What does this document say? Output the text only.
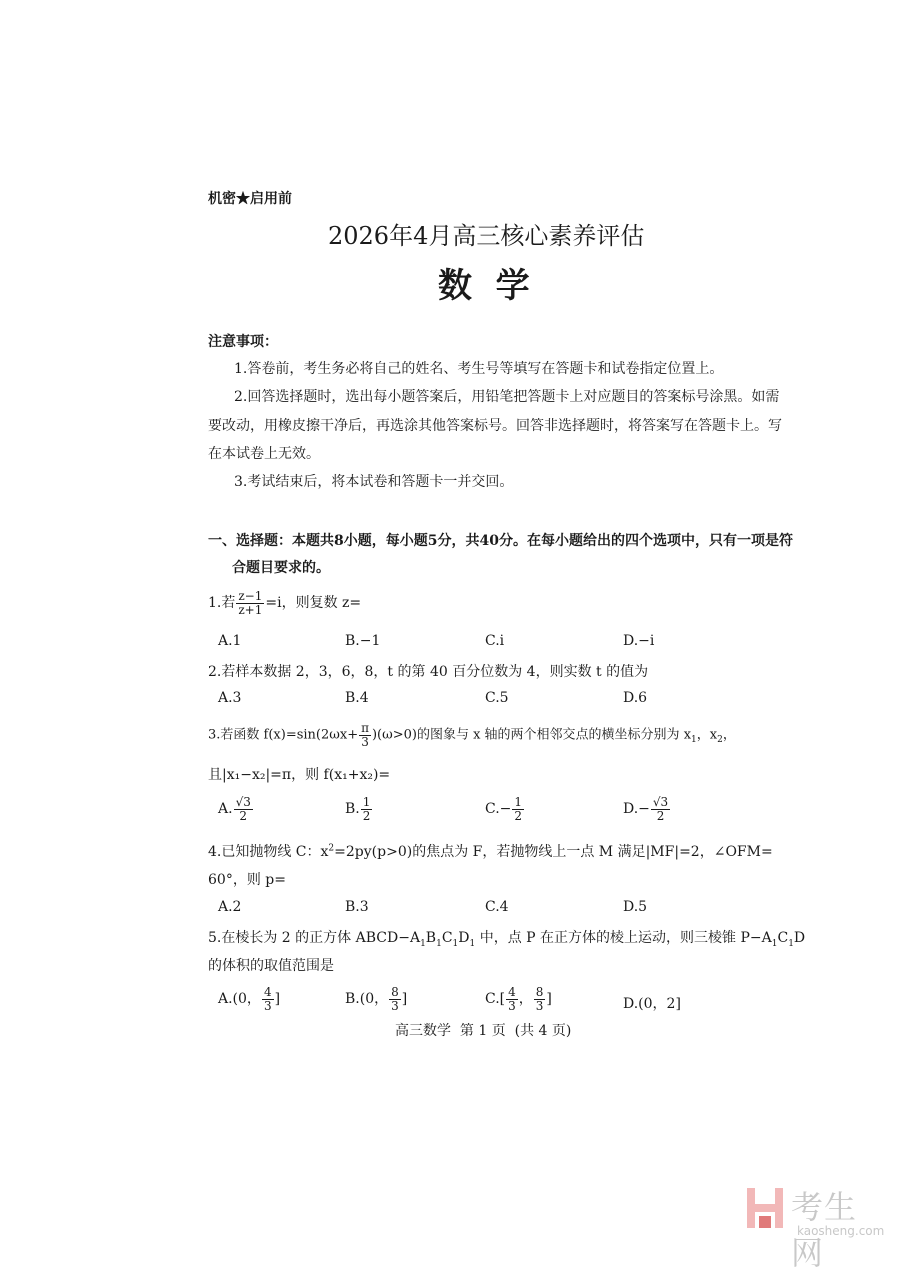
机密★启用前
2026年4月高三核心素养评估
数  学
注意事项：
1.答卷前，考生务必将自己的姓名、考生号等填写在答题卡和试卷指定位置上。
2.回答选择题时，选出每小题答案后，用铅笔把答题卡上对应题目的答案标号涂黑。如需
要改动，用橡皮擦干净后，再选涂其他答案标号。回答非选择题时，将答案写在答题卡上。写
在本试卷上无效。
3.考试结束后，将本试卷和答题卡一并交回。
一、选择题：本题共8小题，每小题5分，共40分。在每小题给出的四个选项中，只有一项是符
合题目要求的。
1.若 $\frac{z-1}{z+1} =i$，则复数 z=
A.1	B.−1	C.i	D.−i
2.若样本数据 2，3，6，8，t 的第 40 百分位数为 4，则实数 t 的值为
A.3	B.4	C.5	D.6
3.若函数 $f(x)=\sin(2\omega x+ \frac{\pi}{3} )(\omega>0)$的图象与 x 轴的两个相邻交点的横坐标分别为 $x_1$，$x_2$，
且|x₁−x₂|=π，则 f(x₁+x₂)=
A. $\frac{√3}{2}$	B. $\frac{1}{2}$	$C.- \frac{1}{2}$	$D.- \frac{√3}{2}$
4.已知抛物线 C：$x^2=2py(p>0)$的焦点为 F，若抛物线上一点 M 满足|MF|=2，∠OFM=
60°，则 p=
A.2	B.3	C.4	D.5
5.在棱长为 2 的正方体 $ABCD-A_1B_1C_1D_1$ 中，点 P 在正方体的棱上运动，则三棱锥 $P-A_1C_1D$
的体积的取值范围是
A.(0， $\frac{4}{3}$ ]	B.(0， $\frac{8}{3}$ ]	$C.[ \frac{4}{3}$ ， $\frac{8}{3}$ ]	D.(0，2]
高三数学  第 1 页  (共 4 页)
考生网
kaosheng.com
